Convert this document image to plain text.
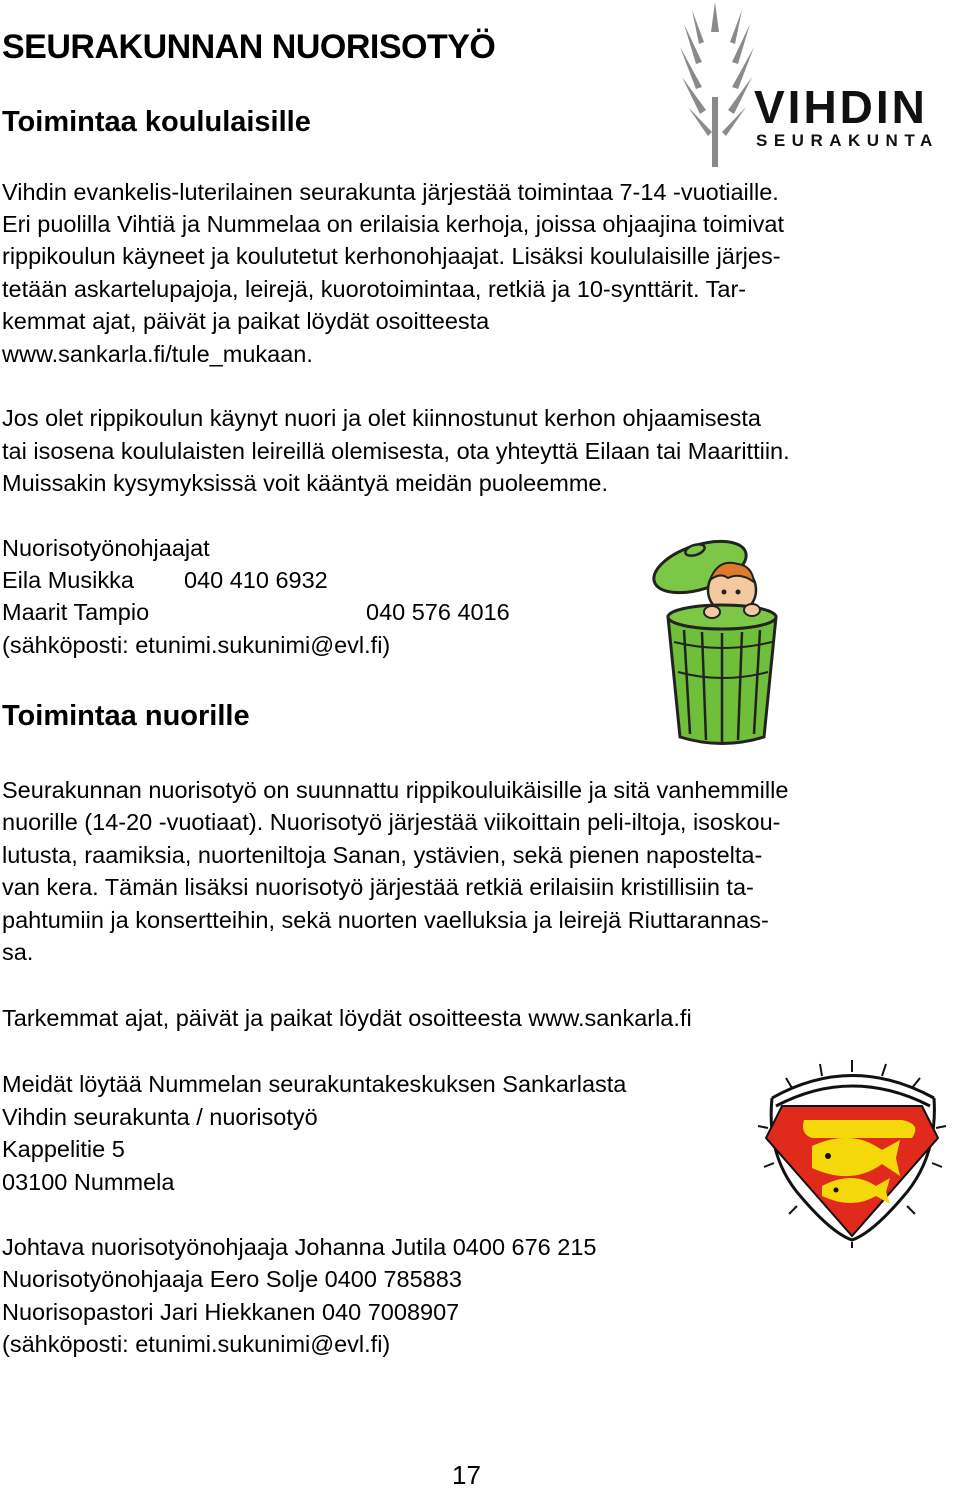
SEURAKUNNAN NUORISOTYÖ
VIHDIN
SEURAKUNTA
Toimintaa koululaisille
Vihdin evankelis-luterilainen seurakunta järjestää toimintaa 7-14 -vuotiaille.
Eri puolilla Vihtiä ja Nummelaa on erilaisia kerhoja, joissa ohjaajina toimivat
rippikoulun käyneet ja koulutetut kerhonohjaajat. Lisäksi koululaisille järjes-
tetään askartelupajoja, leirejä, kuorotoimintaa, retkiä ja 10-synttärit. Tar-
kemmat ajat, päivät ja paikat löydät osoitteesta
www.sankarla.fi/tule_mukaan.
Jos olet rippikoulun käynyt nuori ja olet kiinnostunut kerhon ohjaamisesta
tai isosena koululaisten leireillä olemisesta, ota yhteyttä Eilaan tai Maarittiin.
Muissakin kysymyksissä voit kääntyä meidän puoleemme.
Nuorisotyönohjaajat
Eila Musikka 040 410 6932
Maarit Tampio	040 576 4016
(sähköposti: etunimi.sukunimi@evl.fi)
Toimintaa nuorille
Seurakunnan nuorisotyö on suunnattu rippikouluikäisille ja sitä vanhemmille
nuorille (14-20 -vuotiaat). Nuorisotyö järjestää viikoittain peli-iltoja, isoskou-
lutusta, raamiksia, nuorteniltoja Sanan, ystävien, sekä pienen napostelta-
van kera. Tämän lisäksi nuorisotyö järjestää retkiä erilaisiin kristillisiin ta-
pahtumiin ja konsertteihin, sekä nuorten vaelluksia ja leirejä Riuttarannas-
sa.
Tarkemmat ajat, päivät ja paikat löydät osoitteesta www.sankarla.fi
Meidät löytää Nummelan seurakuntakeskuksen Sankarlasta
Vihdin seurakunta / nuorisotyö
Kappelitie 5
03100 Nummela
Johtava nuorisotyönohjaaja Johanna Jutila 0400 676 215
Nuorisotyönohjaaja Eero Solje 0400 785883
Nuorisopastori Jari Hiekkanen 040 7008907
(sähköposti: etunimi.sukunimi@evl.fi)
17
